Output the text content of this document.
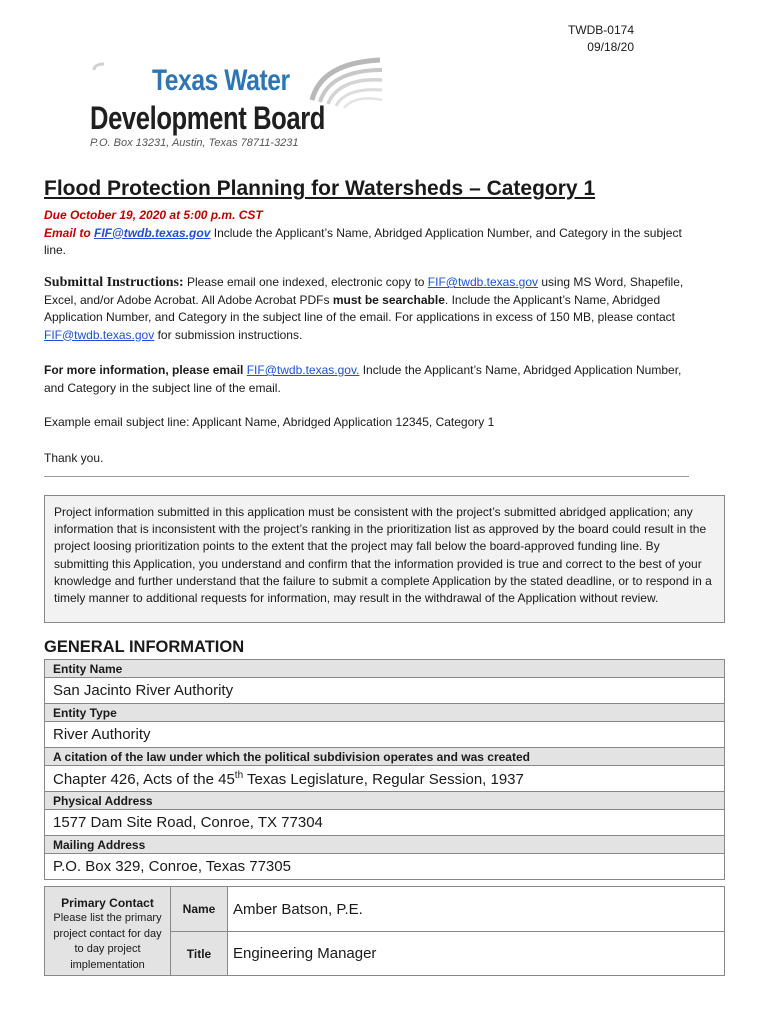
TWDB-0174
09/18/20
Texas Water
Development Board
P.O. Box 13231, Austin, Texas 78711-3231
Flood Protection Planning for Watersheds – Category 1
Due October 19, 2020 at 5:00 p.m. CST
Email to FIF@twdb.texas.gov Include the Applicant’s Name, Abridged Application Number, and Category in the subject line.
Submittal Instructions: Please email one indexed, electronic copy to FIF@twdb.texas.gov using MS Word, Shapefile, Excel, and/or Adobe Acrobat. All Adobe Acrobat PDFs must be searchable. Include the Applicant’s Name, Abridged Application Number, and Category in the subject line of the email. For applications in excess of 150 MB, please contact FIF@twdb.texas.gov for submission instructions.
For more information, please email FIF@twdb.texas.gov. Include the Applicant’s Name, Abridged Application Number, and Category in the subject line of the email.
Example email subject line: Applicant Name, Abridged Application 12345, Category 1
Thank you.
Project information submitted in this application must be consistent with the project’s submitted abridged application; any information that is inconsistent with the project’s ranking in the prioritization list as approved by the board could result in the project loosing prioritization points to the extent that the project may fall below the board-approved funding line. By submitting this Application, you understand and confirm that the information provided is true and correct to the best of your knowledge and further understand that the failure to submit a complete Application by the stated deadline, or to respond in a timely manner to additional requests for information, may result in the withdrawal of the Application without review.
GENERAL INFORMATION
Entity Name
San Jacinto River Authority
Entity Type
River Authority
A citation of the law under which the political subdivision operates and was created
Chapter 426, Acts of the 45th Texas Legislature, Regular Session, 1937
Physical Address
1577 Dam Site Road, Conroe, TX 77304
Mailing Address
P.O. Box 329, Conroe, Texas 77305
Primary Contact
Please list the primary project contact for day to day project implementation
Name	Amber Batson, P.E.
Title	Engineering Manager
